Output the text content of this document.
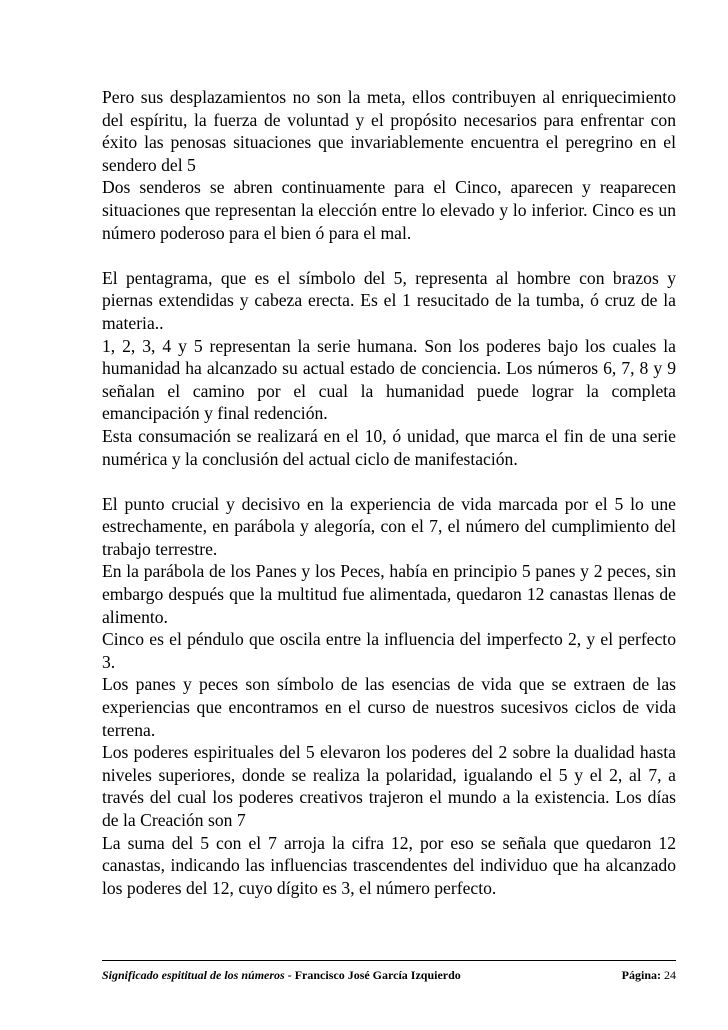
Pero sus desplazamientos no son la meta, ellos contribuyen al enriquecimiento del espíritu, la fuerza de voluntad y el propósito necesarios para enfrentar con éxito las penosas situaciones que invariablemente encuentra el peregrino en el sendero del 5

Dos senderos se abren continuamente para el Cinco, aparecen y reaparecen situaciones que representan la elección entre lo elevado y lo inferior. Cinco es un número poderoso para el bien ó para el mal.

El pentagrama, que es el símbolo del 5, representa al hombre con brazos y piernas extendidas y cabeza erecta. Es el 1 resucitado de la tumba, ó cruz de la materia..

1, 2, 3, 4 y 5 representan la serie humana. Son los poderes bajo los cuales la humanidad ha alcanzado su actual estado de conciencia. Los números 6, 7, 8 y 9 señalan el camino por el cual la humanidad puede lograr la completa emancipación y final redención.

Esta consumación se realizará en el 10, ó unidad, que marca el fin de una serie numérica y la conclusión del actual ciclo de manifestación.

El punto crucial y decisivo en la experiencia de vida marcada por el 5 lo une estrechamente, en parábola y alegoría, con el 7, el número del cumplimiento del trabajo terrestre.

En la parábola de los Panes y los Peces, había en principio 5 panes y 2 peces, sin embargo después que la multitud fue alimentada, quedaron 12 canastas llenas de alimento.

Cinco es el péndulo que oscila entre la influencia del imperfecto 2, y el perfecto 3.

Los panes y peces son símbolo de las esencias de vida que se extraen de las experiencias que encontramos en el curso de nuestros sucesivos ciclos de vida terrena.

Los poderes espirituales del 5 elevaron los poderes del 2 sobre la dualidad hasta niveles superiores, donde se realiza la polaridad, igualando el 5 y el 2, al 7, a través del cual los poderes creativos trajeron el mundo a la existencia. Los días de la Creación son 7

La suma del 5 con el 7 arroja la cifra 12, por eso se señala que quedaron 12 canastas, indicando las influencias trascendentes del individuo que ha alcanzado los poderes del 12, cuyo dígito es 3, el número perfecto.

Significado espititual de los números - Francisco José García Izquierdo	Página: 24
